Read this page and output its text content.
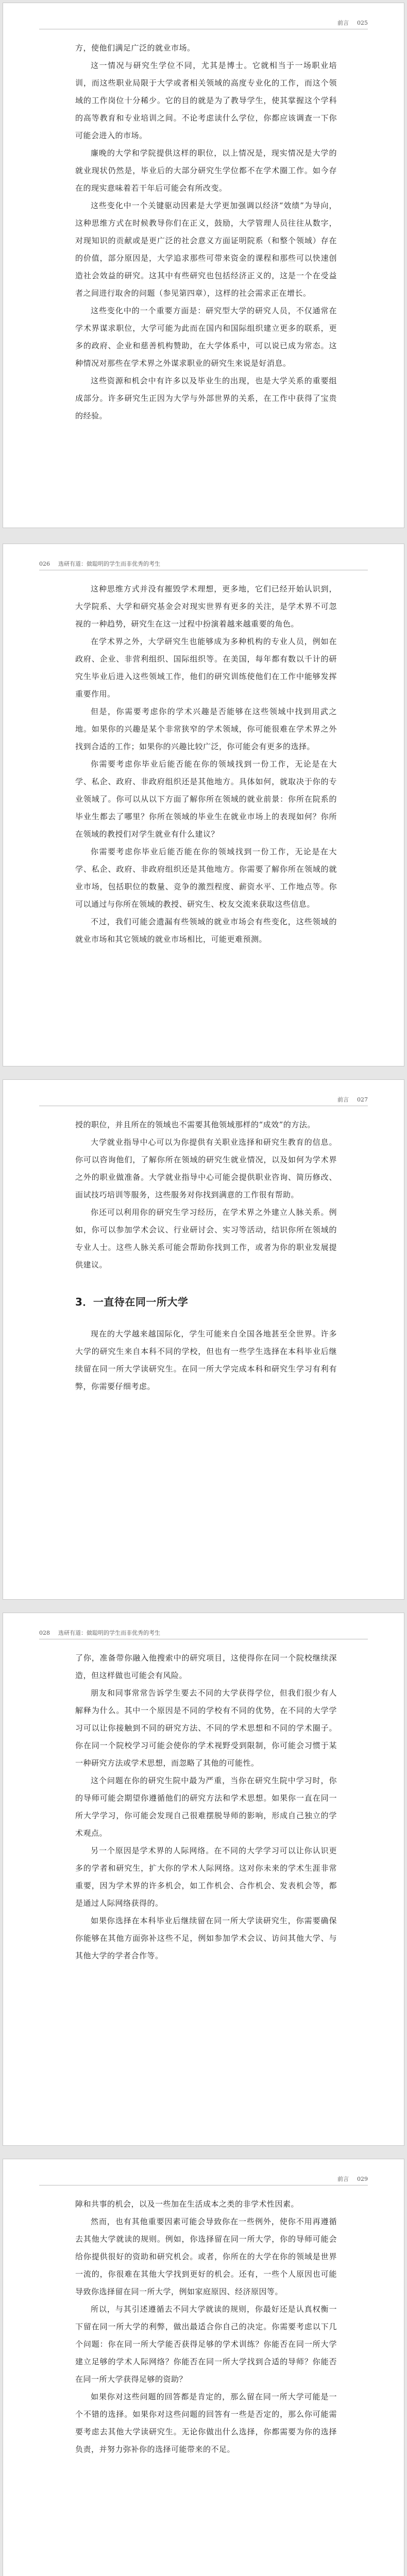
前言 025

方，使他们满足广泛的就业市场。

这一情况与研究生学位不同，尤其是博士。它就相当于一场职业培训，而这些职业局限于大学或者相关领域的高度专业化的工作，而这个领域的工作岗位十分稀少。它的目的就是为了教导学生，使其掌握这个学科的高等教育和专业培训之间。不论考虑读什么学位，你都应该调查一下你可能会进入的市场。

廉晚的大学和学院提供这样的职位，以上情况是，现实情况是大学的就业现状仍然是，毕业后的大部分研究生学位都不在学术圈工作。如今存在的现实意味着若干年后可能会有所改变。

这些变化中一个关键驱动因素是大学更加强调以经济“效绩”为导向，这种思维方式在时候教导你们在正义，鼓励，大学管理人员往往从数字，对现知识的贡献或是更广泛的社会意义方面证明院系（和整个领域）存在的价值，部分原因是，大学追求那些可带来资金的课程和那些可以快速创造社会效益的研究。这其中有些研究也包括经济正义的，这是一个在受益者之间进行取舍的问题（参见第四章），这样的社会需求正在增长。

这些变化中的一个重要方面是：研究型大学的研究人员，不仅通常在学术界谋求职位，大学可能为此而在国内和国际组织建立更多的联系，更多的政府、企业和慈善机构赞助，在大学体系中，可以说已成为常态。这种情况对那些在学术界之外谋求职业的研究生来说是好消息。

这些资源和机会中有许多以及毕业生的出现，也是大学关系的重要组成部分。许多研究生正因为大学与外部世界的关系，在工作中获得了宝贵的经验。

026 选研有道：做聪明的学生而非优秀的考生

这种思维方式并没有摧毁学术理想，更多地，它们已经开始认识到，大学院系、大学和研究基金会对现实世界有更多的关注，是学术界不可忽视的一种趋势，研究生在这一过程中扮演着越来越重要的角色。

在学术界之外，大学研究生也能够成为多种机构的专业人员，例如在政府、企业、非营利组织、国际组织等。在美国，每年都有数以千计的研究生毕业后进入这些领域工作，他们的研究训练使他们在工作中能够发挥重要作用。

但是，你需要考虑你的学术兴趣是否能够在这些领域中找到用武之地。如果你的兴趣是某个非常狭窄的学术领域，你可能很难在学术界之外找到合适的工作；如果你的兴趣比较广泛，你可能会有更多的选择。

你需要考虑你毕业后能否能在你的领域找到一份工作，无论是在大学、私企、政府、非政府组织还是其他地方。具体如何，就取决于你的专业领域了。你可以从以下方面了解你所在领域的就业前景：你所在院系的毕业生都去了哪里？你所在领域的毕业生在就业市场上的表现如何？你所在领域的教授们对学生就业有什么建议？

你需要考虑你毕业后能否能在你的领域找到一份工作，无论是在大学、私企、政府、非政府组织还是其他地方。你需要了解你所在领域的就业市场，包括职位的数量、竞争的激烈程度、薪资水平、工作地点等。你可以通过与你所在领域的教授、研究生、校友交流来获取这些信息。

不过，我们可能会遗漏有些领域的就业市场会有些变化，这些领域的就业市场和其它领域的就业市场相比，可能更难预测。

前言 027

授的职位，并且所在的领域也不需要其他领域那样的“成效”的方法。

大学就业指导中心可以为你提供有关职业选择和研究生教育的信息。你可以咨询他们，了解你所在领域的研究生就业情况，以及如何为学术界之外的职业做准备。大学就业指导中心可能会提供职业咨询、简历修改、面试技巧培训等服务，这些服务对你找到满意的工作很有帮助。

你还可以利用你的研究生学习经历，在学术界之外建立人脉关系。例如，你可以参加学术会议、行业研讨会、实习等活动，结识你所在领域的专业人士。这些人脉关系可能会帮助你找到工作，或者为你的职业发展提供建议。

3．一直待在同一所大学

现在的大学越来越国际化，学生可能来自全国各地甚至全世界。许多大学的研究生来自本科不同的学校，但也有一些学生选择在本科毕业后继续留在同一所大学读研究生。在同一所大学完成本科和研究生学习有利有弊，你需要仔细考虑。

028 选研有道：做聪明的学生而非优秀的考生

了你，准备带你融入他搜索中的研究项目，这使得你在同一个院校继续深造，但这样做也可能会有风险。

朋友和同事常常告诉学生要去不同的大学获得学位，但我们很少有人解释为什么。其中一个原因是不同的学校有不同的优势，在不同的大学学习可以让你接触到不同的研究方法、不同的学术思想和不同的学术圈子。你在同一个院校学习可能会使你的学术视野受到限制，你可能会习惯于某一种研究方法或学术思想，而忽略了其他的可能性。

这个问题在你的研究生院中最为严重，当你在研究生院中学习时，你的导师可能会期望你遵循他们的研究方法和学术思想。如果你一直在同一所大学学习，你可能会发现自己很难摆脱导师的影响，形成自己独立的学术观点。

另一个原因是学术界的人际网络。在不同的大学学习可以让你认识更多的学者和研究生，扩大你的学术人际网络。这对你未来的学术生涯非常重要，因为学术界的许多机会，如工作机会、合作机会、发表机会等，都是通过人际网络获得的。

如果你选择在本科毕业后继续留在同一所大学读研究生，你需要确保你能够在其他方面弥补这些不足，例如参加学术会议、访问其他大学、与其他大学的学者合作等。

前言 029

障和共事的机会，以及一些加在生活成本之类的非学术性因素。

然而，也有其他重要因素可能会导致你在一些例外，使你不用再遵循去其他大学就读的规则。例如，你选择留在同一所大学，你的导师可能会给你提供很好的资助和研究机会。或者，你所在的大学在你的领域是世界一流的，你很难在其他大学找到更好的机会。还有，一些个人原因也可能导致你选择留在同一所大学，例如家庭原因、经济原因等。

所以，与其引述遵循去不同大学就读的规则，你最好还是认真权衡一下留在同一所大学的利弊，做出最适合你自己的决定。你需要考虑以下几个问题：你在同一所大学能否获得足够的学术训练？你能否在同一所大学建立足够的学术人际网络？你能否在同一所大学找到合适的导师？你能否在同一所大学获得足够的资助？

如果你对这些问题的回答都是肯定的，那么留在同一所大学可能是一个不错的选择。如果你对这些问题的回答有一些是否定的，那么你可能需要考虑去其他大学读研究生。无论你做出什么选择，你都需要为你的选择负责，并努力弥补你的选择可能带来的不足。
